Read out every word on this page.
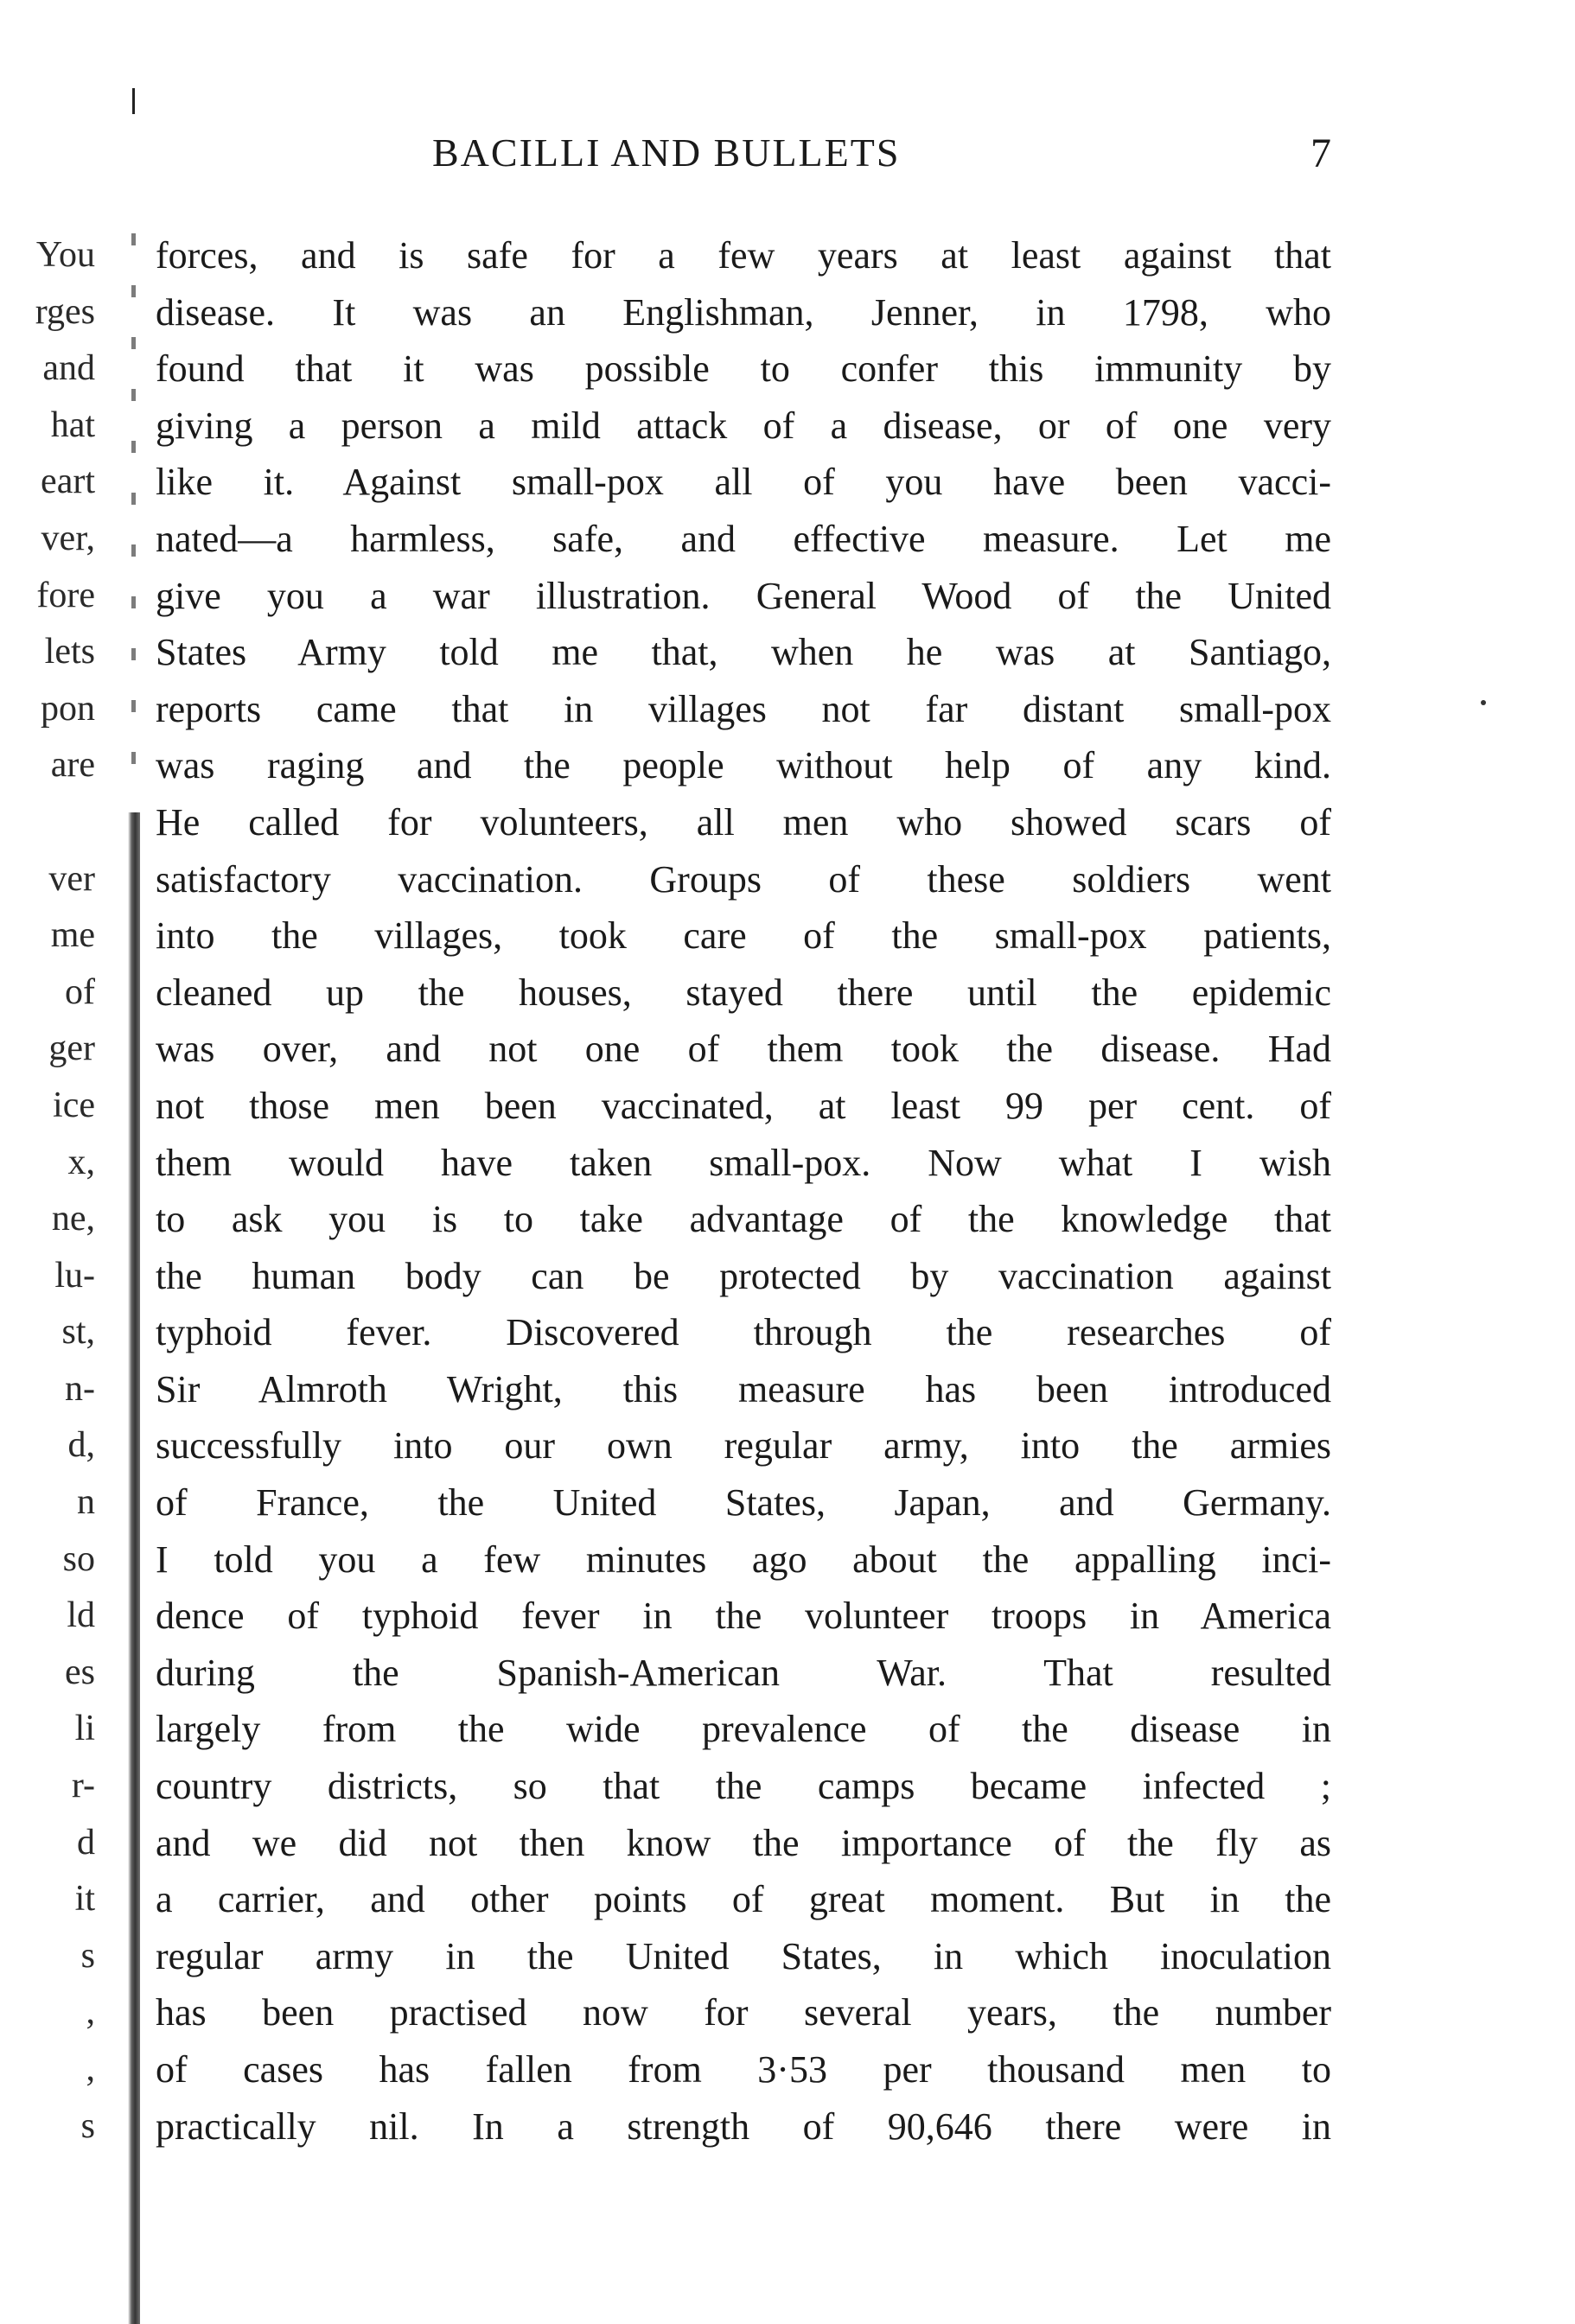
BACILLI AND BULLETS	7
You
rges
and
hat
eart
ver,
fore
lets
pon
are
ver
me
of
ger
ice
x,
ne,
lu-
st,
n-
d,
n
so
ld
es
li
r-
d
it
s
,
,
s
forces, and is safe for a few years at least against that
disease. It was an Englishman, Jenner, in 1798, who
found that it was possible to confer this immunity by
giving a person a mild attack of a disease, or of one very
like it. Against small-pox all of you have been vacci-
nated—a harmless, safe, and effective measure. Let me
give you a war illustration. General Wood of the United
States Army told me that, when he was at Santiago,
reports came that in villages not far distant small-pox
was raging and the people without help of any kind.
He called for volunteers, all men who showed scars of
satisfactory vaccination. Groups of these soldiers went
into the villages, took care of the small-pox patients,
cleaned up the houses, stayed there until the epidemic
was over, and not one of them took the disease. Had
not those men been vaccinated, at least 99 per cent. of
them would have taken small-pox. Now what I wish
to ask you is to take advantage of the knowledge that
the human body can be protected by vaccination against
typhoid fever. Discovered through the researches of
Sir Almroth Wright, this measure has been introduced
successfully into our own regular army, into the armies
of France, the United States, Japan, and Germany.
I told you a few minutes ago about the appalling inci-
dence of typhoid fever in the volunteer troops in America
during the Spanish-American War. That resulted
largely from the wide prevalence of the disease in
country districts, so that the camps became infected ;
and we did not then know the importance of the fly as
a carrier, and other points of great moment. But in the
regular army in the United States, in which inoculation
has been practised now for several years, the number
of cases has fallen from 3·53 per thousand men to
practically nil. In a strength of 90,646 there were in
